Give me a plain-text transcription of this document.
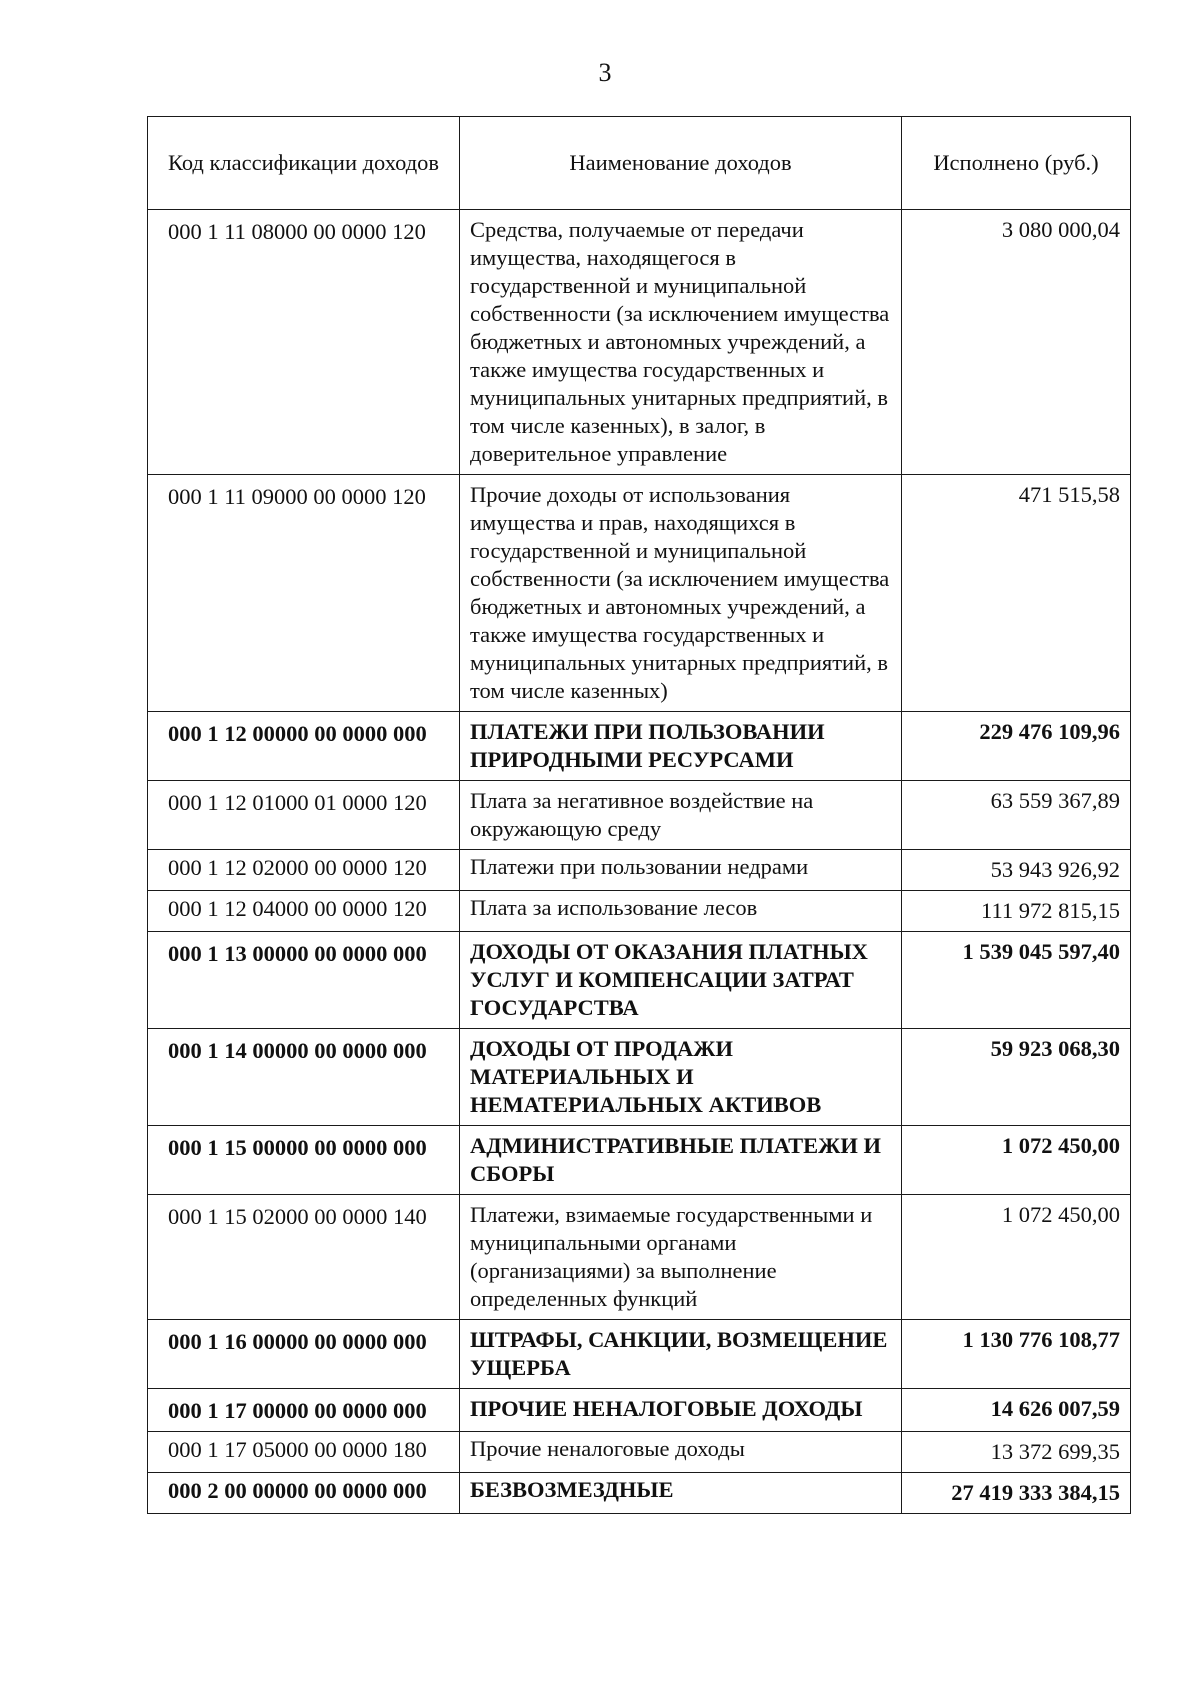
3
Код классификации доходов	Наименование доходов	Исполнено (руб.)
000 1 11 08000 00 0000 120	Средства, получаемые от передачи имущества, находящегося в государственной и муниципальной собственности (за исключением имущества бюджетных и автономных учреждений, а также имущества государственных и муниципальных унитарных предприятий, в том числе казенных), в залог, в доверительное управление	3 080 000,04
000 1 11 09000 00 0000 120	Прочие доходы от использования имущества и прав, находящихся в государственной и муниципальной собственности (за исключением имущества бюджетных и автономных учреждений, а также имущества государственных и муниципальных унитарных предприятий, в том числе казенных)	471 515,58
000 1 12 00000 00 0000 000	ПЛАТЕЖИ ПРИ ПОЛЬЗОВАНИИ ПРИРОДНЫМИ РЕСУРСАМИ	229 476 109,96
000 1 12 01000 01 0000 120	Плата за негативное воздействие на окружающую среду	63 559 367,89
000 1 12 02000 00 0000 120	Платежи при пользовании недрами	53 943 926,92
000 1 12 04000 00 0000 120	Плата за использование лесов	111 972 815,15
000 1 13 00000 00 0000 000	ДОХОДЫ ОТ ОКАЗАНИЯ ПЛАТНЫХ УСЛУГ И КОМПЕНСАЦИИ ЗАТРАТ ГОСУДАРСТВА	1 539 045 597,40
000 1 14 00000 00 0000 000	ДОХОДЫ ОТ ПРОДАЖИ МАТЕРИАЛЬНЫХ И НЕМАТЕРИАЛЬНЫХ АКТИВОВ	59 923 068,30
000 1 15 00000 00 0000 000	АДМИНИСТРАТИВНЫЕ ПЛАТЕЖИ И СБОРЫ	1 072 450,00
000 1 15 02000 00 0000 140	Платежи, взимаемые государственными и муниципальными органами (организациями) за выполнение определенных функций	1 072 450,00
000 1 16 00000 00 0000 000	ШТРАФЫ, САНКЦИИ, ВОЗМЕЩЕНИЕ УЩЕРБА	1 130 776 108,77
000 1 17 00000 00 0000 000	ПРОЧИЕ НЕНАЛОГОВЫЕ ДОХОДЫ	14 626 007,59
000 1 17 05000 00 0000 180	Прочие неналоговые доходы	13 372 699,35
000 2 00 00000 00 0000 000	БЕЗВОЗМЕЗДНЫЕ	27 419 333 384,15
